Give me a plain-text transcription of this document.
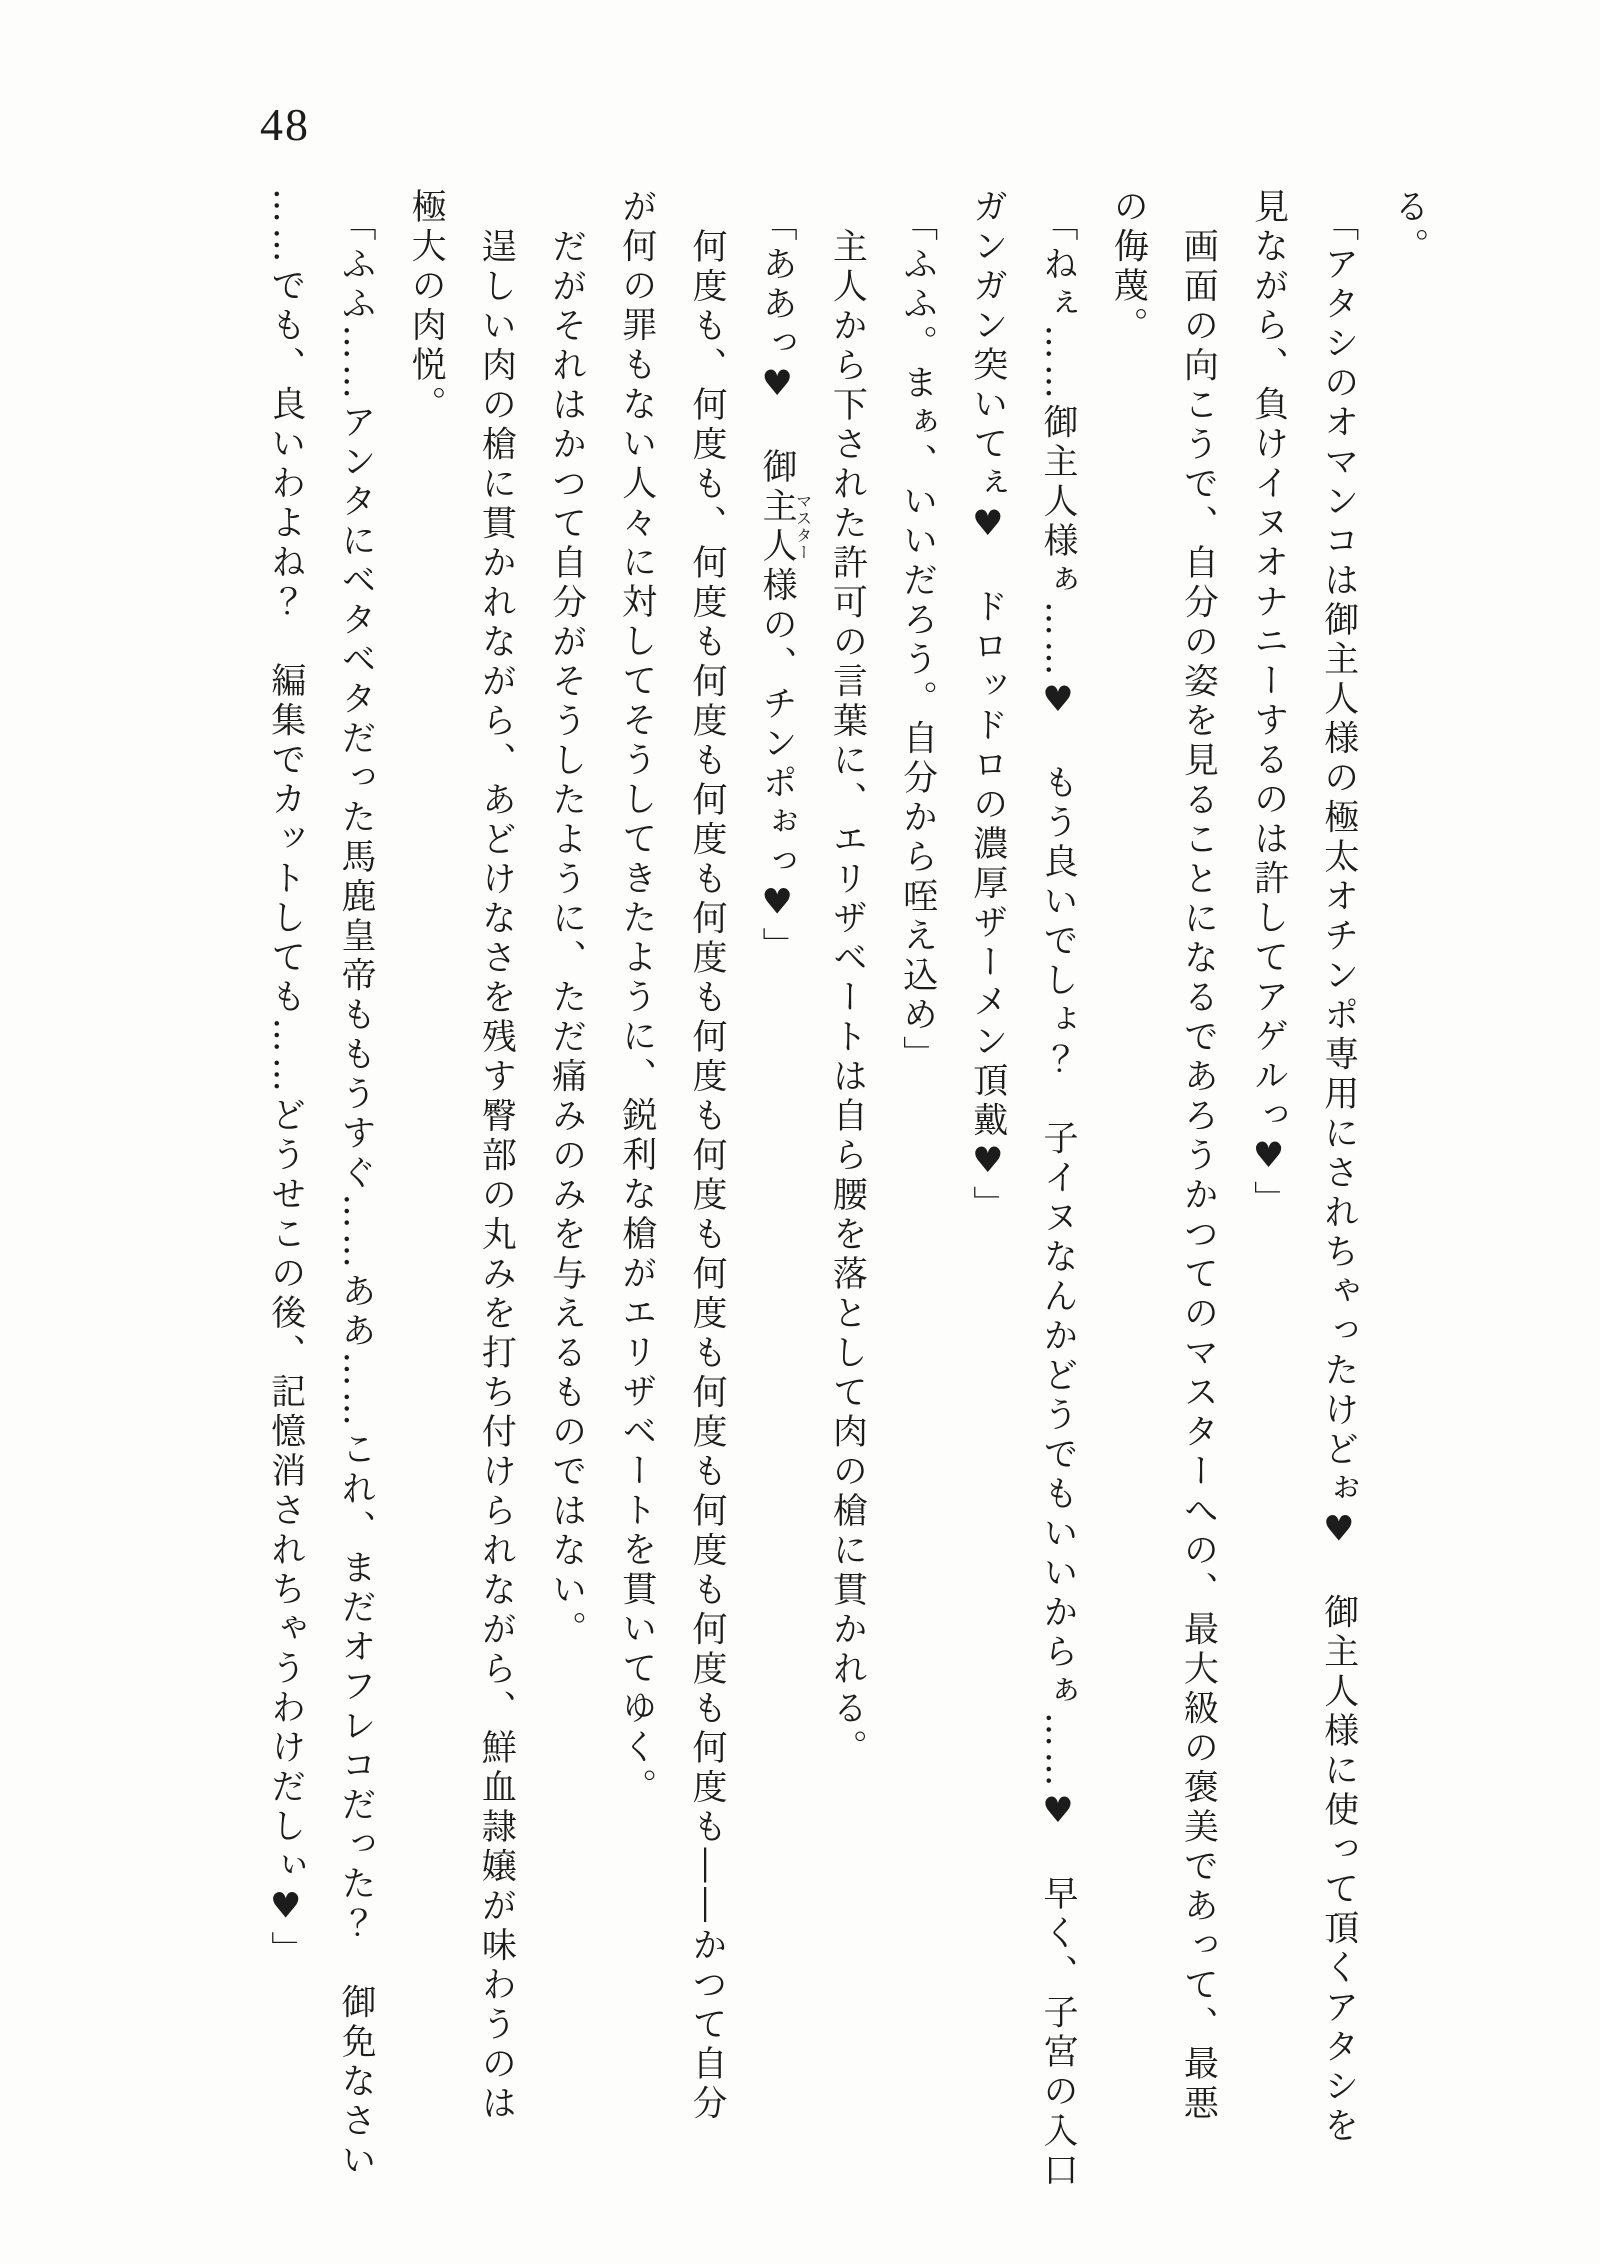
48

る。

「アタシのオマンコは御主人様の極太オチンポ専用にされちゃったけどぉ♥　御主人様に使って頂くアタシを

見ながら、負けイヌオナニーするのは許してアゲルっ♥」

画面の向こうで、自分の姿を見ることになるであろうかつてのマスターへの、最大級の褒美であって、最悪

の侮蔑。

「ねぇ……御主人様ぁ……♥　もう良いでしょ？　子イヌなんかどうでもいいからぁ……♥　早く、子宮の入口

ガンガン突いてぇ♥　ドロッドロの濃厚ザーメン頂戴♥」

「ふふ。まぁ、いいだろう。自分から咥え込め」

主人から下された許可の言葉に、エリザベートは自ら腰を落として肉の槍に貫かれる。

「ああっ♥　御主人様マスターの、チンポぉっ♥」

何度も、何度も、何度も何度も何度も何度も何度も何度も何度も何度も何度も何度も何度も――かつて自分

が何の罪もない人々に対してそうしてきたように、鋭利な槍がエリザベートを貫いてゆく。

だがそれはかつて自分がそうしたように、ただ痛みのみを与えるものではない。

逞しい肉の槍に貫かれながら、あどけなさを残す臀部の丸みを打ち付けられながら、鮮血隷嬢が味わうのは

極大の肉悦。

「ふふ……アンタにベタベタだった馬鹿皇帝ももうすぐ……ああ……これ、まだオフレコだった？　御免なさい

……でも、良いわよね？　編集でカットしても……どうせこの後、記憶消されちゃうわけだしぃ♥」
